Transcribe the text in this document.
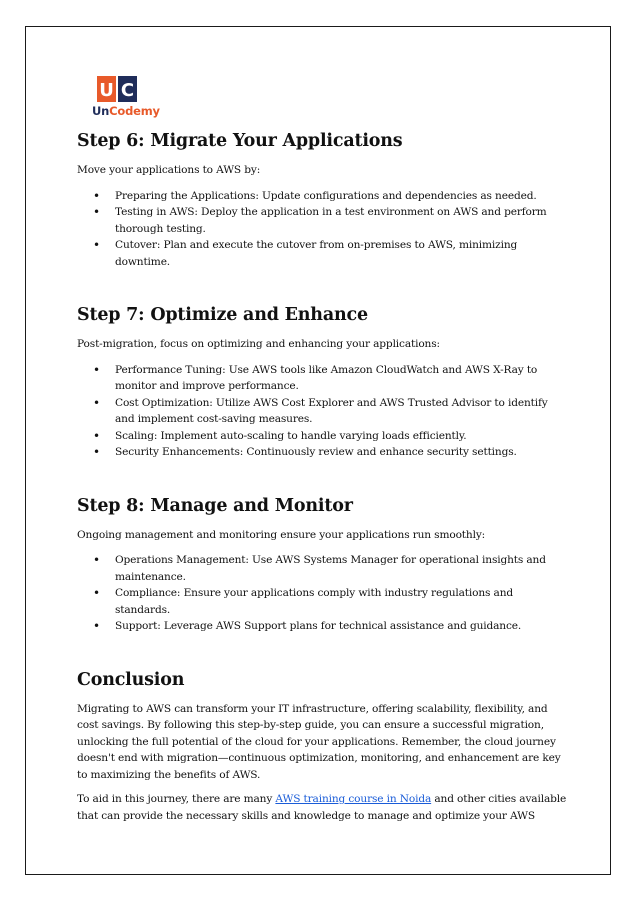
U C
UnCodemy
Step 6: Migrate Your Applications

Move your applications to AWS by:

• Preparing the Applications: Update configurations and dependencies as needed.
• Testing in AWS: Deploy the application in a test environment on AWS and perform thorough testing.
• Cutover: Plan and execute the cutover from on-premises to AWS, minimizing downtime.
Step 7: Optimize and Enhance

Post-migration, focus on optimizing and enhancing your applications:

• Performance Tuning: Use AWS tools like Amazon CloudWatch and AWS X-Ray to monitor and improve performance.
• Cost Optimization: Utilize AWS Cost Explorer and AWS Trusted Advisor to identify and implement cost-saving measures.
• Scaling: Implement auto-scaling to handle varying loads efficiently.
• Security Enhancements: Continuously review and enhance security settings.
Step 8: Manage and Monitor

Ongoing management and monitoring ensure your applications run smoothly:

• Operations Management: Use AWS Systems Manager for operational insights and maintenance.
• Compliance: Ensure your applications comply with industry regulations and standards.
• Support: Leverage AWS Support plans for technical assistance and guidance.
Conclusion

Migrating to AWS can transform your IT infrastructure, offering scalability, flexibility, and cost savings. By following this step-by-step guide, you can ensure a successful migration, unlocking the full potential of the cloud for your applications. Remember, the cloud journey doesn't end with migration—continuous optimization, monitoring, and enhancement are key to maximizing the benefits of AWS.

To aid in this journey, there are many AWS training course in Noida and other cities available that can provide the necessary skills and knowledge to manage and optimize your AWS
